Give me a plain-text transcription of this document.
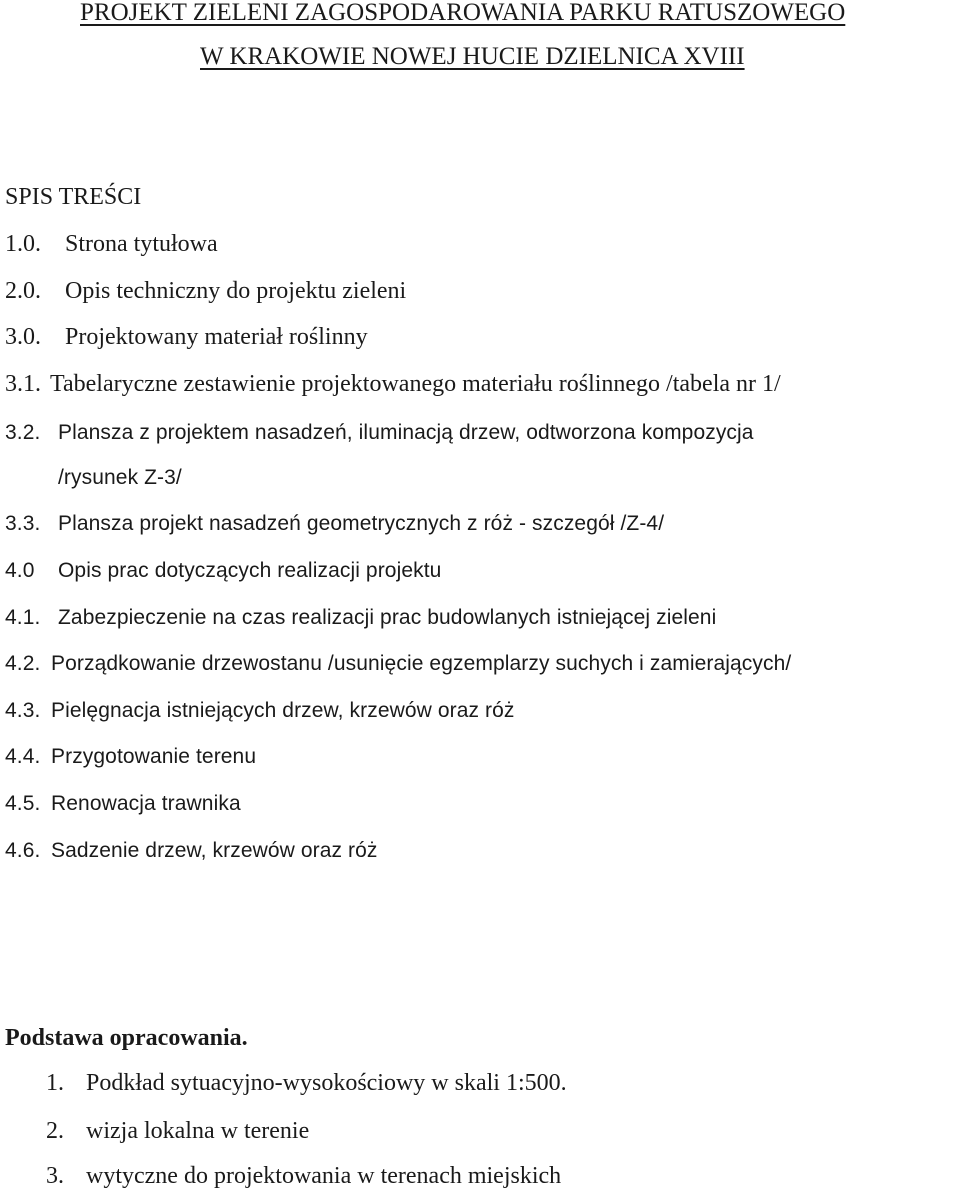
PROJEKT ZIELENI ZAGOSPODAROWANIA PARKU RATUSZOWEGO
W KRAKOWIE NOWEJ HUCIE DZIELNICA XVIII
SPIS TREŚCI
1.0. Strona tytułowa
2.0. Opis techniczny do projektu zieleni
3.0. Projektowany materiał roślinny
3.1. Tabelaryczne zestawienie projektowanego materiału roślinnego /tabela nr 1/
3.2. Plansza z projektem nasadzeń, iluminacją drzew, odtworzona kompozycja
/rysunek Z-3/
3.3. Plansza projekt nasadzeń geometrycznych z róż - szczegół /Z-4/
4.0 Opis prac dotyczących realizacji projektu
4.1. Zabezpieczenie na czas realizacji prac budowlanych istniejącej zieleni
4.2. Porządkowanie drzewostanu /usunięcie egzemplarzy suchych i zamierających/
4.3. Pielęgnacja istniejących drzew, krzewów oraz róż
4.4. Przygotowanie terenu
4.5. Renowacja trawnika
4.6. Sadzenie drzew, krzewów oraz róż
Podstawa opracowania.
1. Podkład sytuacyjno-wysokościowy w skali 1:500.
2. wizja lokalna w terenie
3. wytyczne do projektowania w terenach miejskich
